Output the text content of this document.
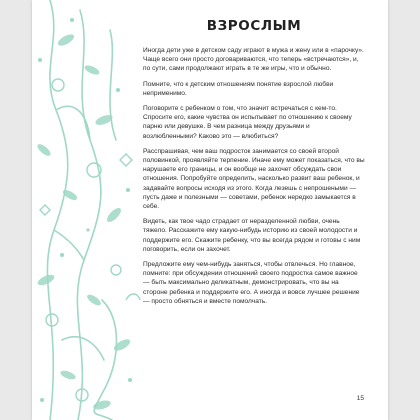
ВЗРОСЛЫМ

Иногда дети уже в детском саду играют в мужа и жену или в «парочку». Чаще всего они просто договариваются, что теперь «встречаются», и, по сути, сами продолжают играть в те же игры, что и обычно.

Помните, что к детским отношениям понятие взрослой любви неприменимо.

Поговорите с ребенком о том, что значит встречаться с кем-то. Спросите его, какие чувства он испытывает по отношению к своему парню или девушке. В чем разница между друзьями и возлюбленными? Каково это — влюбиться?

Расспрашивая, чем ваш подросток занимается со своей второй половинкой, проявляйте терпение. Иначе ему может показаться, что вы нарушаете его границы, и он вообще не захочет обсуждать свои отношения. Попробуйте определить, насколько развит ваш ребенок, и задавайте вопросы исходя из этого. Когда лезешь с непрошеными — пусть даже и полезными — советами, ребенок нередко замыкается в себе.

Видеть, как твое чадо страдает от неразделенной любви, очень тяжело. Расскажите ему какую-нибудь историю из своей молодости и поддержите его. Скажите ребенку, что вы всегда рядом и готовы с ним поговорить, если он захочет.

Предложите ему чем-нибудь заняться, чтобы отвлечься. Но главное, помните: при обсуждении отношений своего подростка самое важное — быть максимально деликатным, демонстрировать, что вы на стороне ребенка и поддержите его. А иногда и вовсе лучшее решение — просто обняться и вместе помолчать.

15
